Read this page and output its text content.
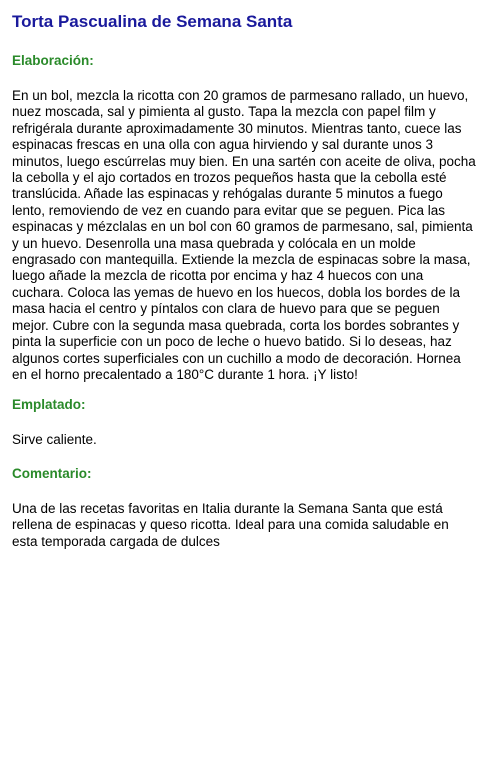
Torta Pascualina de Semana Santa
Elaboración:

En un bol, mezcla la ricotta con 20 gramos de parmesano rallado, un huevo, nuez moscada, sal y pimienta al gusto. Tapa la mezcla con papel film y refrigérala durante aproximadamente 30 minutos. Mientras tanto, cuece las espinacas frescas en una olla con agua hirviendo y sal durante unos 3 minutos, luego escúrrelas muy bien. En una sartén con aceite de oliva, pocha la cebolla y el ajo cortados en trozos pequeños hasta que la cebolla esté translúcida. Añade las espinacas y rehógalas durante 5 minutos a fuego lento, removiendo de vez en cuando para evitar que se peguen. Pica las espinacas y mézclalas en un bol con 60 gramos de parmesano, sal, pimienta y un huevo. Desenrolla una masa quebrada y colócala en un molde engrasado con mantequilla. Extiende la mezcla de espinacas sobre la masa, luego añade la mezcla de ricotta por encima y haz 4 huecos con una cuchara. Coloca las yemas de huevo en los huecos, dobla los bordes de la masa hacia el centro y píntalos con clara de huevo para que se peguen mejor. Cubre con la segunda masa quebrada, corta los bordes sobrantes y pinta la superficie con un poco de leche o huevo batido. Si lo deseas, haz algunos cortes superficiales con un cuchillo a modo de decoración. Hornea en el horno precalentado a 180°C durante 1 hora. ¡Y listo!

Emplatado:

Sirve caliente.

Comentario:

Una de las recetas favoritas en Italia durante la Semana Santa que está rellena de espinacas y queso ricotta. Ideal para una comida saludable en esta temporada cargada de dulces
